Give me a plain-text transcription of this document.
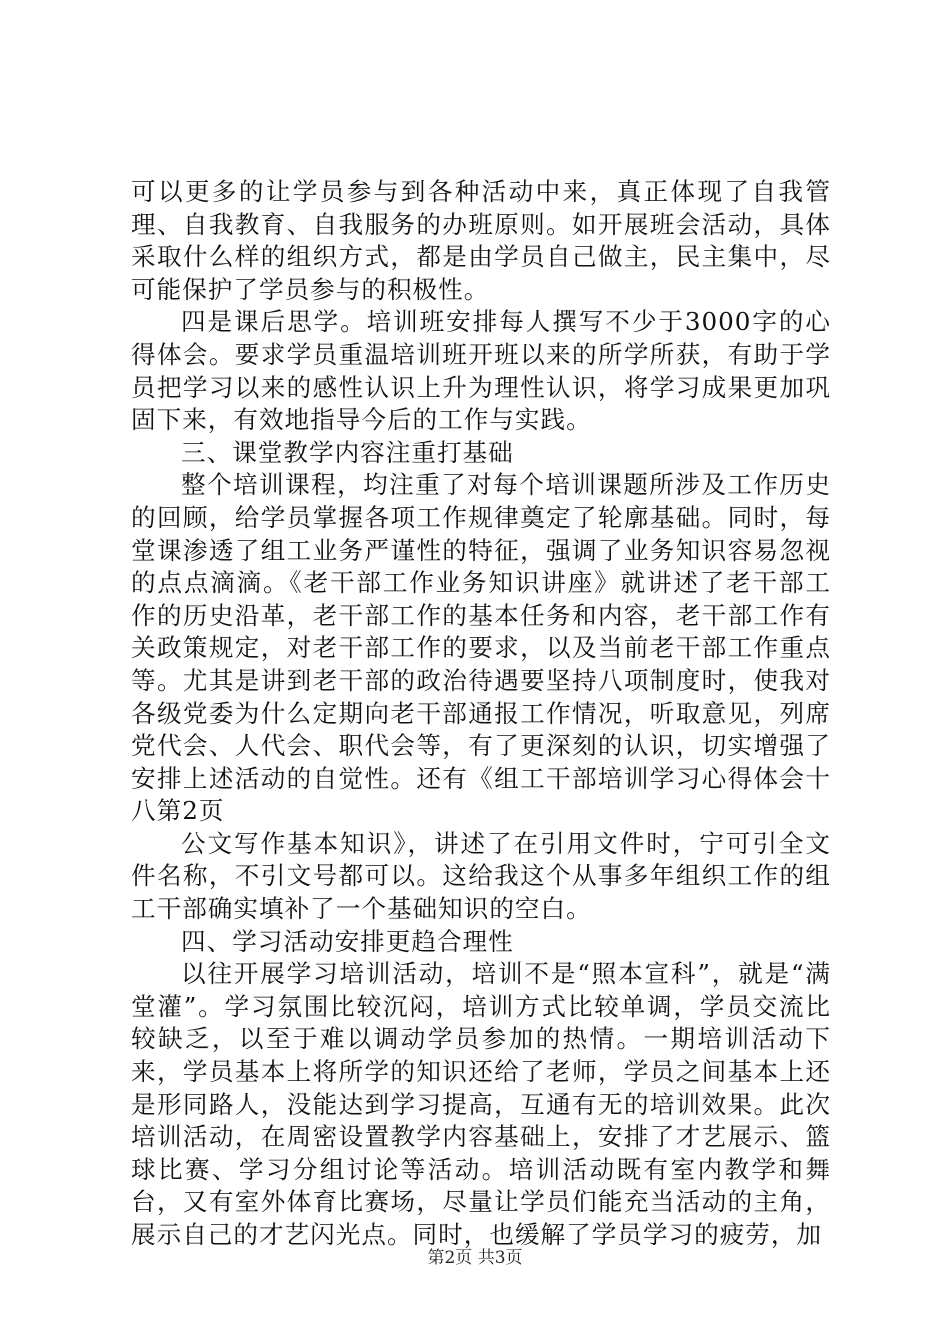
可以更多的让学员参与到各种活动中来，真正体现了自我管理、自我教育、自我服务的办班原则。如开展班会活动，具体采取什么样的组织方式，都是由学员自己做主，民主集中，尽可能保护了学员参与的积极性。

四是课后思学。培训班安排每人撰写不少于3000字的心得体会。要求学员重温培训班开班以来的所学所获，有助于学员把学习以来的感性认识上升为理性认识，将学习成果更加巩固下来，有效地指导今后的工作与实践。

三、课堂教学内容注重打基础

整个培训课程，均注重了对每个培训课题所涉及工作历史的回顾，给学员掌握各项工作规律奠定了轮廓基础。同时，每堂课渗透了组工业务严谨性的特征，强调了业务知识容易忽视的点点滴滴。《老干部工作业务知识讲座》就讲述了老干部工作的历史沿革，老干部工作的基本任务和内容，老干部工作有关政策规定，对老干部工作的要求，以及当前老干部工作重点等。尤其是讲到老干部的政治待遇要坚持八项制度时，使我对各级党委为什么定期向老干部通报工作情况，听取意见，列席党代会、人代会、职代会等，有了更深刻的认识，切实增强了安排上述活动的自觉性。还有《组工干部培训学习心得体会十八第2页

公文写作基本知识》，讲述了在引用文件时，宁可引全文件名称，不引文号都可以。这给我这个从事多年组织工作的组工干部确实填补了一个基础知识的空白。

四、学习活动安排更趋合理性

以往开展学习培训活动，培训不是“照本宣科”，就是“满堂灌”。学习氛围比较沉闷，培训方式比较单调，学员交流比较缺乏，以至于难以调动学员参加的热情。一期培训活动下来，学员基本上将所学的知识还给了老师，学员之间基本上还是形同路人，没能达到学习提高，互通有无的培训效果。此次培训活动，在周密设置教学内容基础上，安排了才艺展示、篮球比赛、学习分组讨论等活动。培训活动既有室内教学和舞台，又有室外体育比赛场，尽量让学员们能充当活动的主角，展示自己的才艺闪光点。同时，也缓解了学员学习的疲劳，加

第2页 共3页
